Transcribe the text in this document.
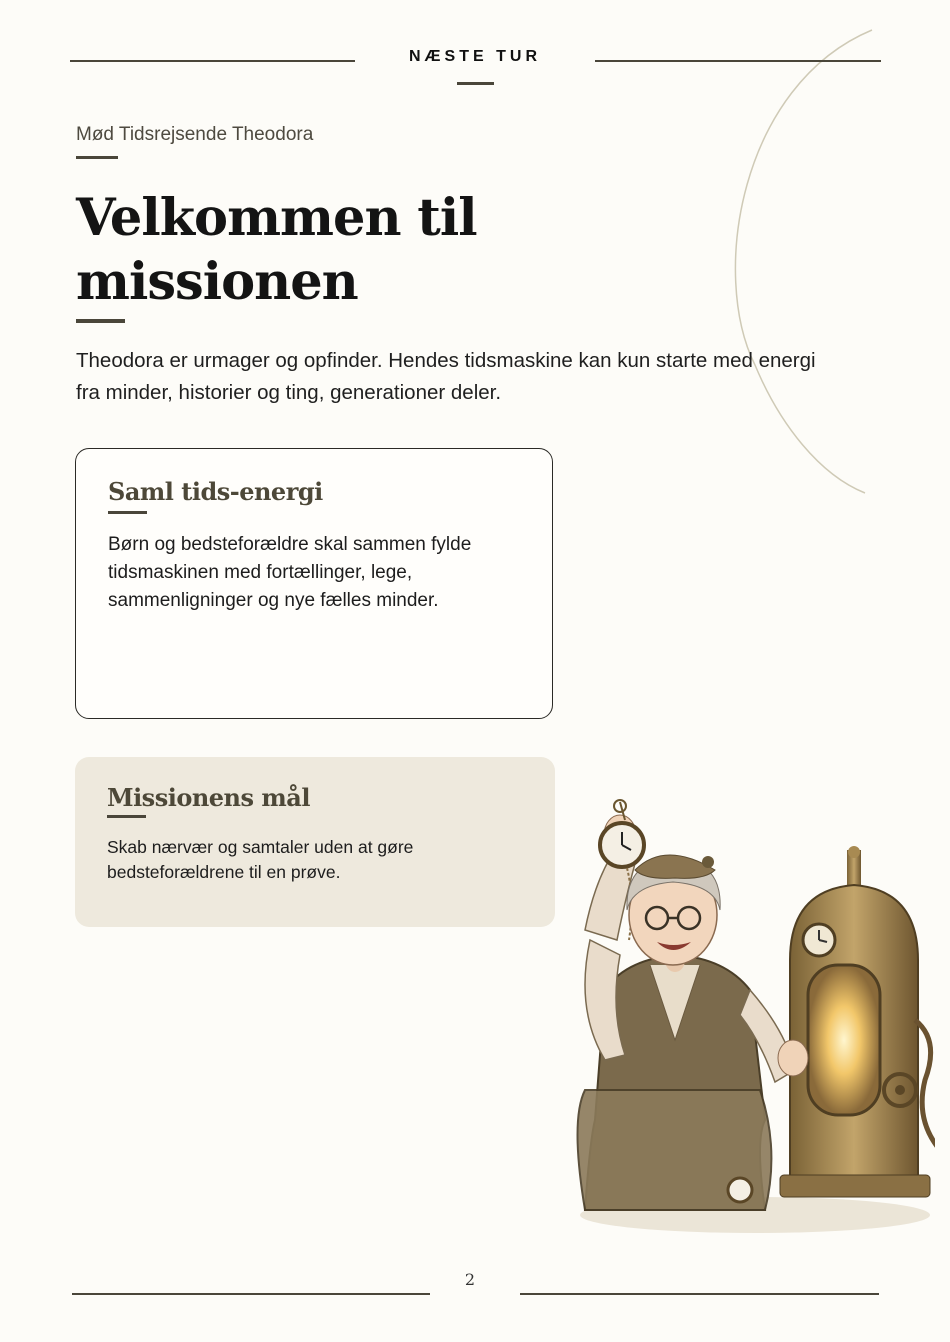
NÆSTE TUR
Mød Tidsrejsende Theodora
Velkommen til missionen

Theodora er urmager og opfinder. Hendes tidsmaskine kan kun starte med energi fra minder, historier og ting, generationer deler.

Saml tids-energi

Børn og bedsteforældre skal sammen fylde tidsmaskinen med fortællinger, lege, sammenligninger og nye fælles minder.

Missionens mål

Skab nærvær og samtaler uden at gøre bedsteforældrene til en prøve.

2
